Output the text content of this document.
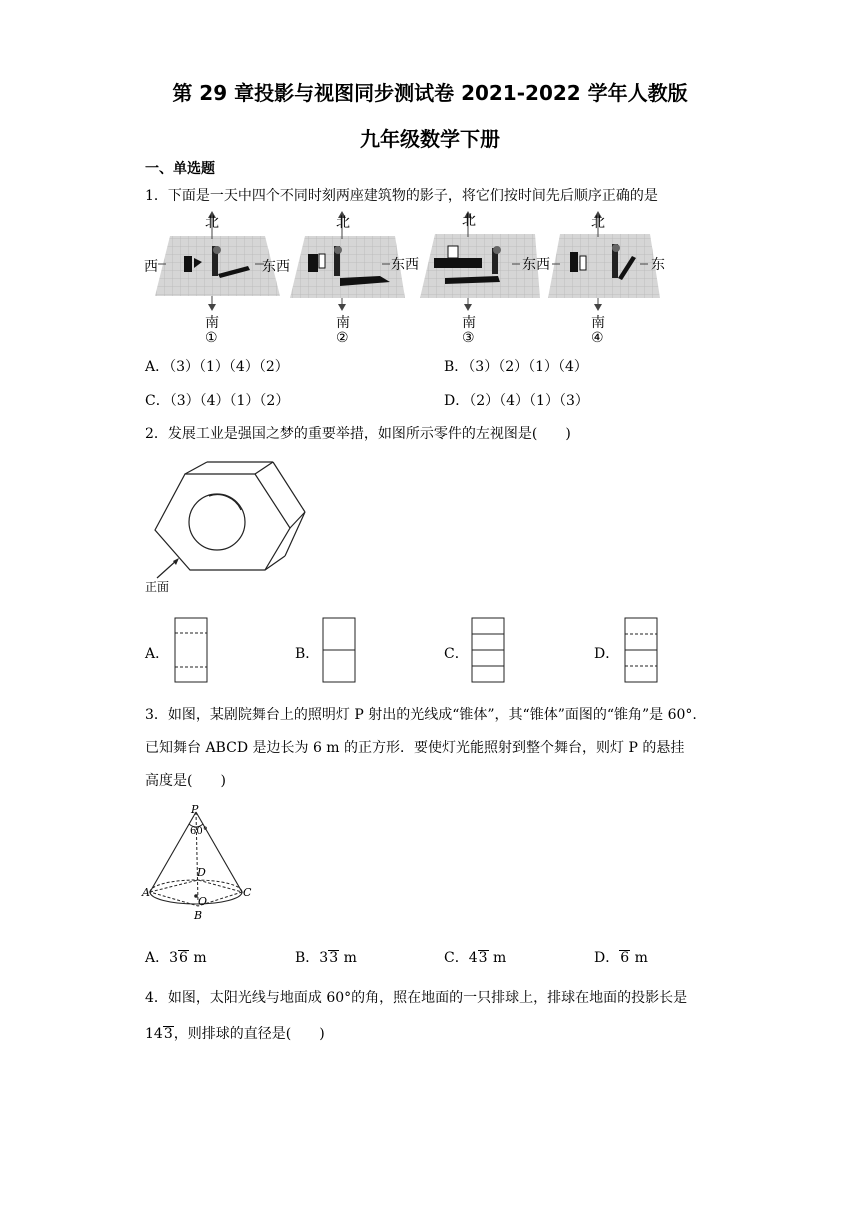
第 29 章投影与视图同步测试卷 2021-2022 学年人教版
九年级数学下册
一、单选题
1．下面是一天中四个不同时刻两座建筑物的影子，将它们按时间先后顺序正确的是
北	北	北	北
西	东 西	东 西	东 西	东
南	南	南	南
①	②	③	④
A．（3）（1）（4）（2）	B．（3）（2）（1）（4）
C．（3）（4）（1）（2）	D．（2）（4）（1）（3）
2．发展工业是强国之梦的重要举措，如图所示零件的左视图是(　　)
正面
A．	B．	C．	D．
3．如图，某剧院舞台上的照明灯 P 射出的光线成“锥体”，其“锥体”面图的“锥角”是 60°.
已知舞台 ABCD 是边长为 6 m 的正方形．要使灯光能照射到整个舞台，则灯 P 的悬挂
高度是(　　)
P
60°
A
B
C
D
O
A．36 m	B．33 m	C．43 m	D．6 m
4．如图，太阳光线与地面成 60°的角，照在地面的一只排球上，排球在地面的投影长是
143，则排球的直径是(　　)
